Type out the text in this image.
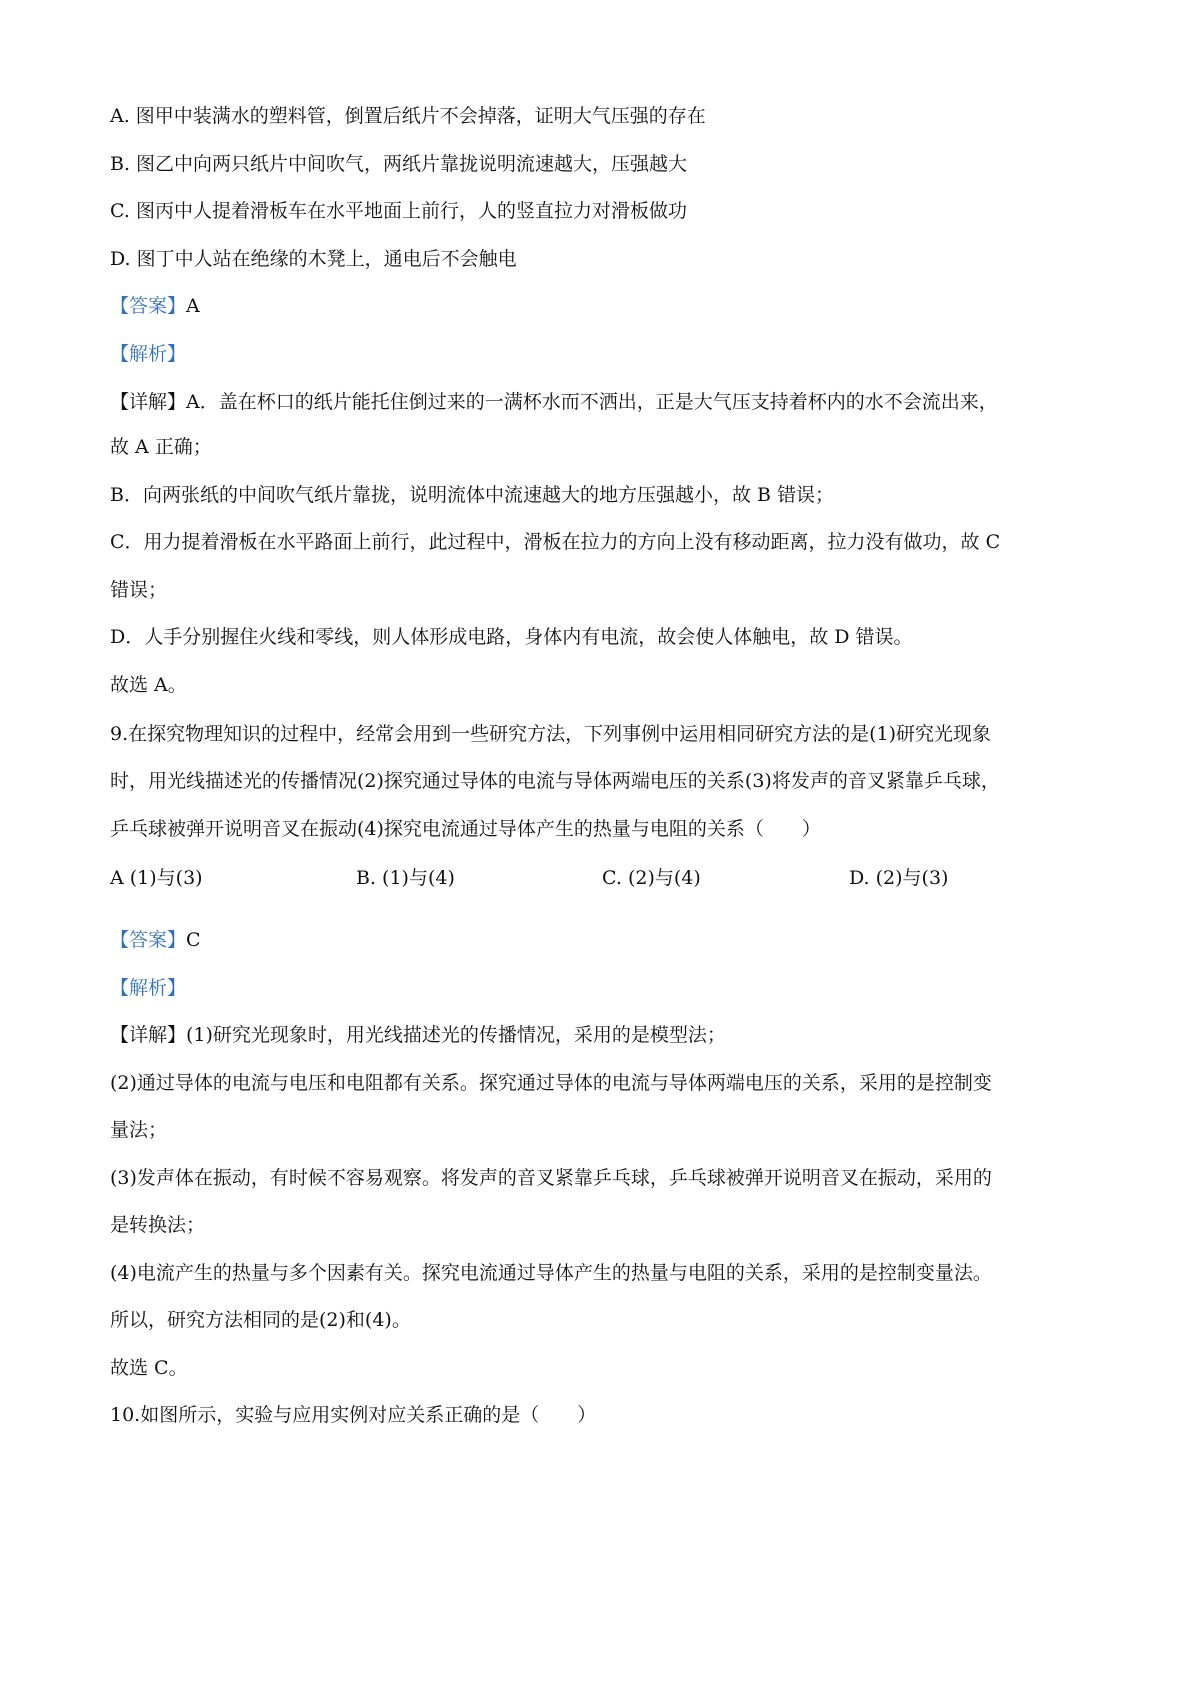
A. 图甲中装满水的塑料管，倒置后纸片不会掉落，证明大气压强的存在
B. 图乙中向两只纸片中间吹气，两纸片靠拢说明流速越大，压强越大
C. 图丙中人提着滑板车在水平地面上前行，人的竖直拉力对滑板做功
D. 图丁中人站在绝缘的木凳上，通电后不会触电
【答案】A
【解析】
【详解】A．盖在杯口的纸片能托住倒过来的一满杯水而不洒出，正是大气压支持着杯内的水不会流出来，
故 A 正确；
B．向两张纸的中间吹气纸片靠拢，说明流体中流速越大的地方压强越小，故 B 错误；
C．用力提着滑板在水平路面上前行，此过程中，滑板在拉力的方向上没有移动距离，拉力没有做功，故 C
错误；
D．人手分别握住火线和零线，则人体形成电路，身体内有电流，故会使人体触电，故 D 错误。
故选 A。
9.在探究物理知识的过程中，经常会用到一些研究方法，下列事例中运用相同研究方法的是(1)研究光现象
时，用光线描述光的传播情况(2)探究通过导体的电流与导体两端电压的关系(3)将发声的音叉紧靠乒乓球，
乒乓球被弹开说明音叉在振动(4)探究电流通过导体产生的热量与电阻的关系（　　）
A (1)与(3)	B. (1)与(4)	C. (2)与(4)	D. (2)与(3)
【答案】C
【解析】
【详解】(1)研究光现象时，用光线描述光的传播情况，采用的是模型法；
(2)通过导体的电流与电压和电阻都有关系。探究通过导体的电流与导体两端电压的关系，采用的是控制变
量法；
(3)发声体在振动，有时候不容易观察。将发声的音叉紧靠乒乓球，乒乓球被弹开说明音叉在振动，采用的
是转换法；
(4)电流产生的热量与多个因素有关。探究电流通过导体产生的热量与电阻的关系，采用的是控制变量法。
所以，研究方法相同的是(2)和(4)。
故选 C。
10.如图所示，实验与应用实例对应关系正确的是（　　）
